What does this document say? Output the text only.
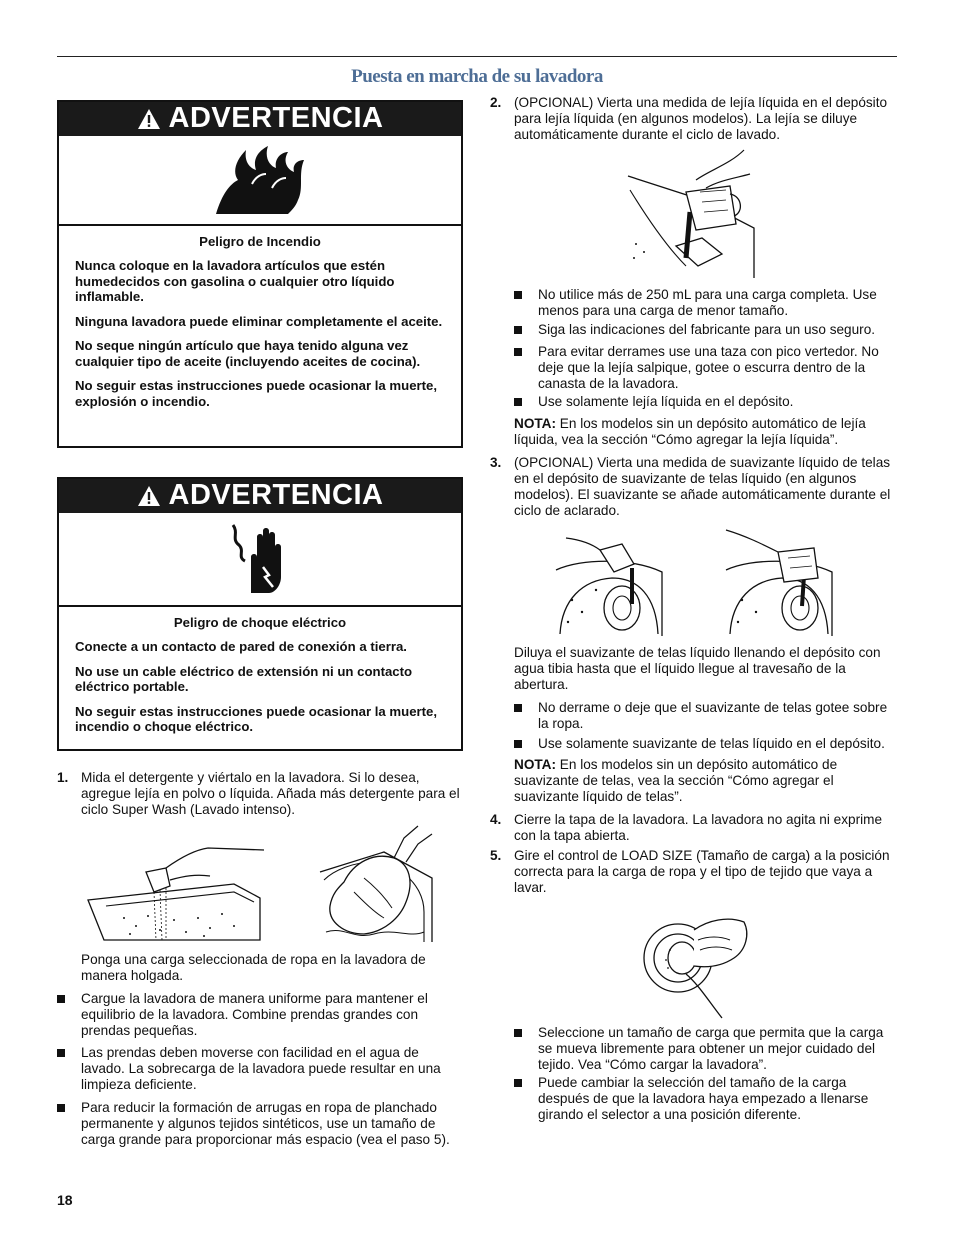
Puesta en marcha de su lavadora
ADVERTENCIA

Peligro de Incendio

Nunca coloque en la lavadora artículos que estén humedecidos con gasolina o cualquier otro líquido inflamable.

Ninguna lavadora puede eliminar completamente el aceite.

No seque ningún artículo que haya tenido alguna vez cualquier tipo de aceite (incluyendo aceites de cocina).

No seguir estas instrucciones puede ocasionar la muerte, explosión o incendio.

ADVERTENCIA

Peligro de choque eléctrico

Conecte a un contacto de pared de conexión a tierra.

No use un cable eléctrico de extensión ni un contacto eléctrico portable.

No seguir estas instrucciones puede ocasionar la muerte, incendio o choque eléctrico.

1. Mida el detergente y viértalo en la lavadora. Si lo desea, agregue lejía en polvo o líquida. Añada más detergente para el ciclo Super Wash (Lavado intenso).
Ponga una carga seleccionada de ropa en la lavadora de manera holgada.
Cargue la lavadora de manera uniforme para mantener el equilibrio de la lavadora. Combine prendas grandes con prendas pequeñas.
Las prendas deben moverse con facilidad en el agua de lavado. La sobrecarga de la lavadora puede resultar en una limpieza deficiente.
Para reducir la formación de arrugas en ropa de planchado permanente y algunos tejidos sintéticos, use un tamaño de carga grande para proporcionar más espacio (vea el paso 5).
2. (OPCIONAL) Vierta una medida de lejía líquida en el depósito para lejía líquida (en algunos modelos). La lejía se diluye automáticamente durante el ciclo de lavado.
No utilice más de 250 mL para una carga completa. Use menos para una carga de menor tamaño.
Siga las indicaciones del fabricante para un uso seguro.
Para evitar derrames use una taza con pico vertedor. No deje que la lejía salpique, gotee o escurra dentro de la canasta de la lavadora.
Use solamente lejía líquida en el depósito.
NOTA: En los modelos sin un depósito automático de lejía líquida, vea la sección “Cómo agregar la lejía líquida”.
3. (OPCIONAL) Vierta una medida de suavizante líquido de telas en el depósito de suavizante de telas líquido (en algunos modelos). El suavizante se añade automáticamente durante el ciclo de aclarado.
Diluya el suavizante de telas líquido llenando el depósito con agua tibia hasta que el líquido llegue al travesaño de la abertura.
No derrame o deje que el suavizante de telas gotee sobre la ropa.
Use solamente suavizante de telas líquido en el depósito.
NOTA: En los modelos sin un depósito automático de suavizante de telas, vea la sección “Cómo agregar el suavizante líquido de telas”.
4. Cierre la tapa de la lavadora. La lavadora no agita ni exprime con la tapa abierta.
5. Gire el control de LOAD SIZE (Tamaño de carga) a la posición correcta para la carga de ropa y el tipo de tejido que vaya a lavar.
Seleccione un tamaño de carga que permita que la carga se mueva libremente para obtener un mejor cuidado del tejido. Vea “Cómo cargar la lavadora”.
Puede cambiar la selección del tamaño de la carga después de que la lavadora haya empezado a llenarse girando el selector a una posición diferente.
18
